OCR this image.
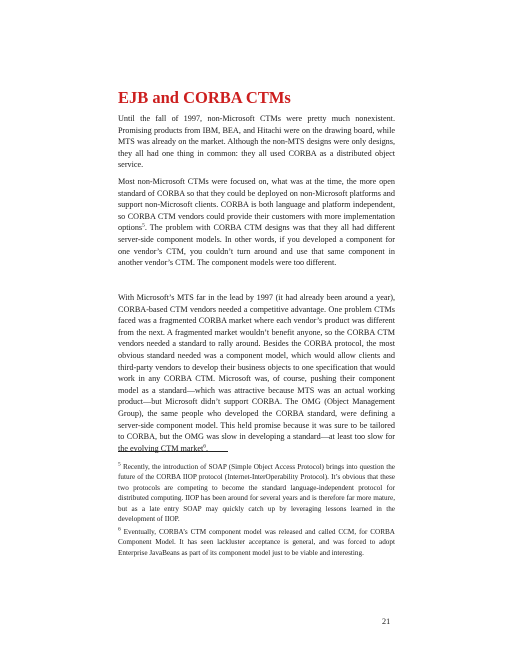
EJB and CORBA CTMs

Until the fall of 1997, non-Microsoft CTMs were pretty much nonexistent. Promising products from IBM, BEA, and Hitachi were on the drawing board, while MTS was already on the market. Although the non-MTS designs were only designs, they all had one thing in common: they all used CORBA as a distributed object service.

Most non-Microsoft CTMs were focused on, what was at the time, the more open standard of CORBA so that they could be deployed on non-Microsoft platforms and support non-Microsoft clients. CORBA is both language and platform independent, so CORBA CTM vendors could provide their customers with more implementation options$^5$. The problem with CORBA CTM designs was that they all had different server-side component models. In other words, if you developed a component for one vendor’s CTM, you couldn’t turn around and use that same component in another vendor’s CTM. The component models were too different.

With Microsoft’s MTS far in the lead by 1997 (it had already been around a year), CORBA-based CTM vendors needed a competitive advantage. One problem CTMs faced was a fragmented CORBA market where each vendor’s product was different from the next. A fragmented market wouldn’t benefit anyone, so the CORBA CTM vendors needed a standard to rally around. Besides the CORBA protocol, the most obvious standard needed was a component model, which would allow clients and third-party vendors to develop their business objects to one specification that would work in any CORBA CTM. Microsoft was, of course, pushing their component model as a standard—which was attractive because MTS was an actual working product—but Microsoft didn’t support CORBA. The OMG (Object Management Group), the same people who developed the CORBA standard, were defining a server-side component model. This held promise because it was sure to be tailored to CORBA, but the OMG was slow in developing a standard—at least too slow for the evolving CTM market$^6$.

$^5$ Recently, the introduction of SOAP (Simple Object Access Protocol) brings into question the future of the CORBA IIOP protocol (Internet-InterOperability Protocol). It’s obvious that these two protocols are competing to become the standard language-independent protocol for distributed computing. IIOP has been around for several years and is therefore far more mature, but as a late entry SOAP may quickly catch up by leveraging lessons learned in the development of IIOP.

$^6$ Eventually, CORBA’s CTM component model was released and called CCM, for CORBA Component Model. It has seen lackluster acceptance is general, and was forced to adopt Enterprise JavaBeans as part of its component model just to be viable and interesting.

21
